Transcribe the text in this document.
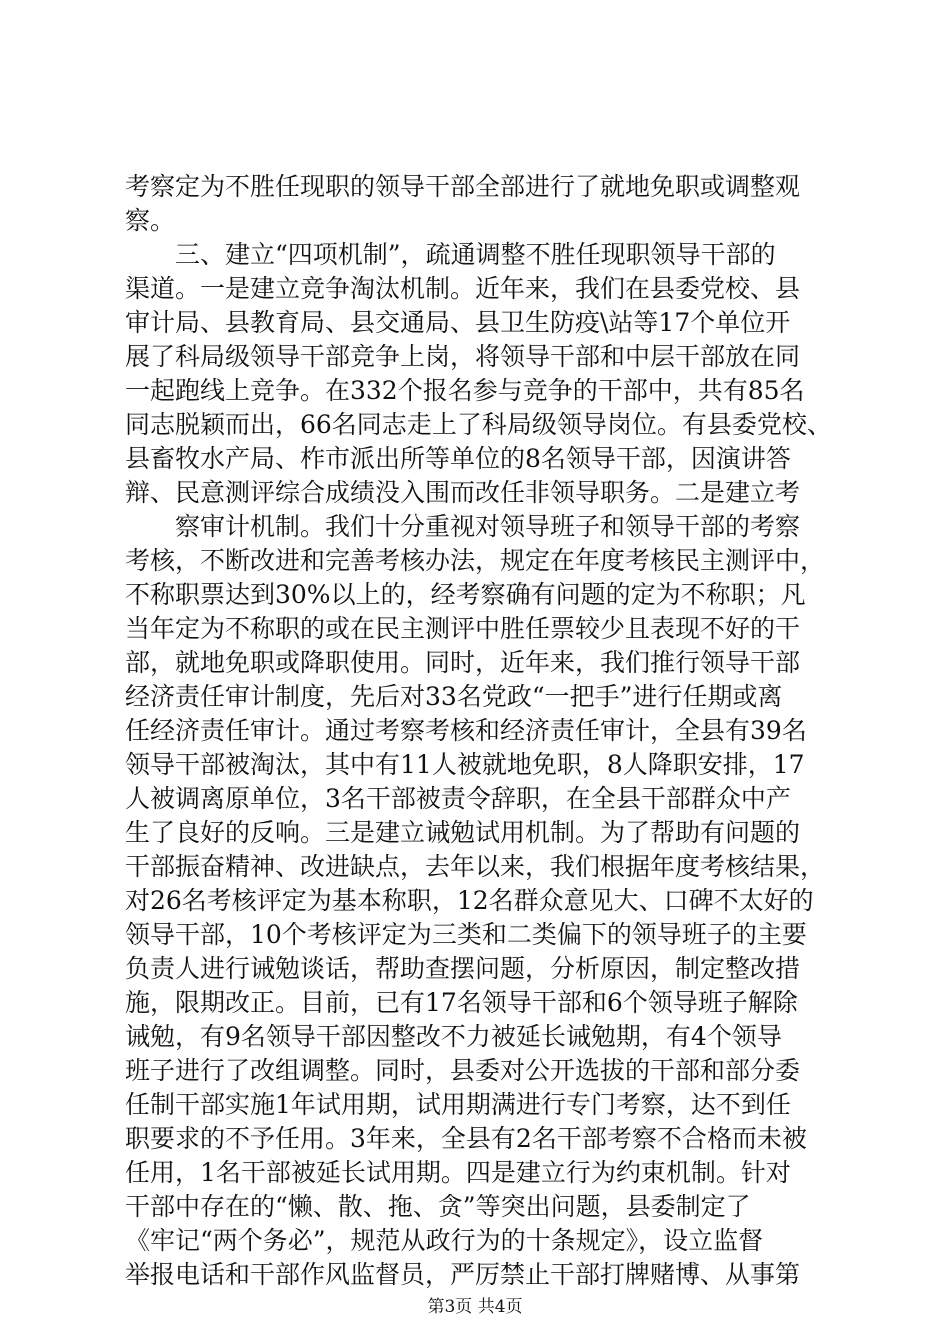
考察定为不胜任现职的领导干部全部进行了就地免职或调整观
察。
　　三、建立“四项机制”，疏通调整不胜任现职领导干部的
渠道。一是建立竞争淘汰机制。近年来，我们在县委党校、县
审计局、县教育局、县交通局、县卫生防疫\站等17个单位开
展了科局级领导干部竞争上岗，将领导干部和中层干部放在同
一起跑线上竞争。在332个报名参与竞争的干部中，共有85名
同志脱颖而出，66名同志走上了科局级领导岗位。有县委党校、
县畜牧水产局、柞市派出所等单位的8名领导干部，因演讲答
辩、民意测评综合成绩没入围而改任非领导职务。二是建立考
　　察审计机制。我们十分重视对领导班子和领导干部的考察
考核，不断改进和完善考核办法，规定在年度考核民主测评中，
不称职票达到30%以上的，经考察确有问题的定为不称职；凡
当年定为不称职的或在民主测评中胜任票较少且表现不好的干
部，就地免职或降职使用。同时，近年来，我们推行领导干部
经济责任审计制度，先后对33名党政“一把手”进行任期或离
任经济责任审计。通过考察考核和经济责任审计，全县有39名
领导干部被淘汰，其中有11人被就地免职，8人降职安排，17
人被调离原单位，3名干部被责令辞职，在全县干部群众中产
生了良好的反响。三是建立诫勉试用机制。为了帮助有问题的
干部振奋精神、改进缺点，去年以来，我们根据年度考核结果，
对26名考核评定为基本称职，12名群众意见大、口碑不太好的
领导干部，10个考核评定为三类和二类偏下的领导班子的主要
负责人进行诫勉谈话，帮助查摆问题，分析原因，制定整改措
施，限期改正。目前，已有17名领导干部和6个领导班子解除
诫勉，有9名领导干部因整改不力被延长诫勉期，有4个领导
班子进行了改组调整。同时，县委对公开选拔的干部和部分委
任制干部实施1年试用期，试用期满进行专门考察，达不到任
职要求的不予任用。3年来，全县有2名干部考察不合格而未被
任用，1名干部被延长试用期。四是建立行为约束机制。针对
干部中存在的“懒、散、拖、贪”等突出问题，县委制定了
《牢记“两个务必”，规范从政行为的十条规定》，设立监督
举报电话和干部作风监督员，严厉禁止干部打牌赌博、从事第
第3页 共4页
